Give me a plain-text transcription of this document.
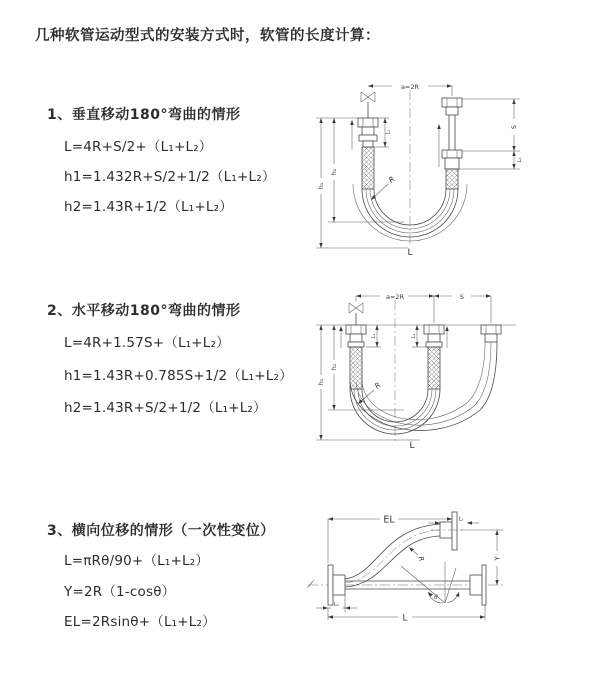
几种软管运动型式的安装方式时，软管的长度计算：
1、垂直移动180°弯曲的情形
L=4R+S/2+（L₁+L₂）
h1=1.432R+S/2+1/2（L₁+L₂）
h2=1.43R+1/2（L₁+L₂）
2、水平移动180°弯曲的情形
L=4R+1.57S+（L₁+L₂）
h1=1.43R+0.785S+1/2（L₁+L₂）
h2=1.43R+S/2+1/2（L₁+L₂）
3、横向位移的情形（一次性变位）
L=πRθ/90+（L₁+L₂）
Y=2R（1-cosθ）
EL=2Rsinθ+（L₁+L₂）
a=2R
L₁
S
L₂
h₂
h₁
R
L
a=2R	S
L₁	L₂
h₂
h₁	R
L
EL	L₂
Y
R
θ
L₁
L
